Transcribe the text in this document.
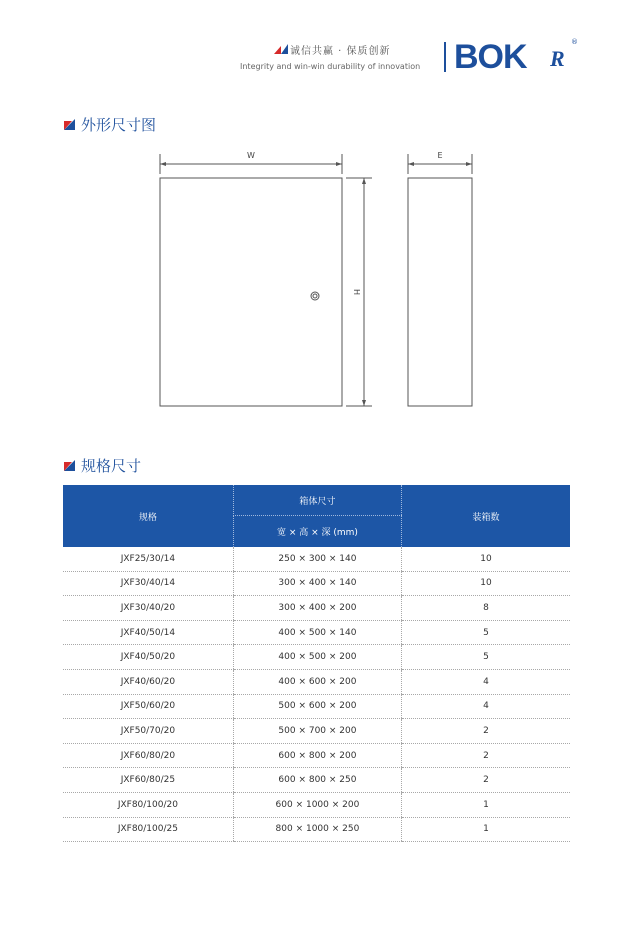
诚信共赢 · 保质创新
Integrity and win-win durability of innovation BOK R
®
外形尺寸图
W
H
E
规格尺寸
规格	箱体尺寸	装箱数
	宽 × 高 × 深 (mm)	
JXF25/30/14	250 × 300 × 140	10
JXF30/40/14	300 × 400 × 140	10
JXF30/40/20	300 × 400 × 200	8
JXF40/50/14	400 × 500 × 140	5
JXF40/50/20	400 × 500 × 200	5
JXF40/60/20	400 × 600 × 200	4
JXF50/60/20	500 × 600 × 200	4
JXF50/70/20	500 × 700 × 200	2
JXF60/80/20	600 × 800 × 200	2
JXF60/80/25	600 × 800 × 250	2
JXF80/100/20	600 × 1000 × 200	1
JXF80/100/25	800 × 1000 × 250	1
